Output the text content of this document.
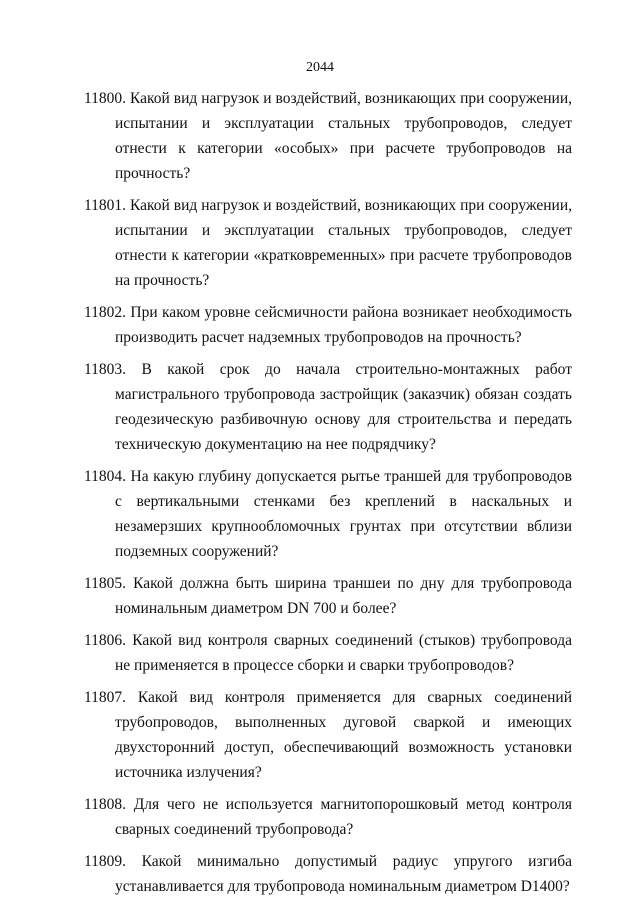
2044

11800. Какой вид нагрузок и воздействий, возникающих при сооружении, испытании и эксплуатации стальных трубопроводов, следует отнести к категории «особых» при расчете трубопроводов на прочность?

11801. Какой вид нагрузок и воздействий, возникающих при сооружении, испытании и эксплуатации стальных трубопроводов, следует отнести к категории «кратковременных» при расчете трубопроводов на прочность?

11802. При каком уровне сейсмичности района возникает необходимость производить расчет надземных трубопроводов на прочность?

11803. В какой срок до начала строительно-монтажных работ магистрального трубопровода застройщик (заказчик) обязан создать геодезическую разбивочную основу для строительства и передать техническую документацию на нее подрядчику?

11804. На какую глубину допускается рытье траншей для трубопроводов с вертикальными стенками без креплений в наскальных и незамерзших крупнообломочных грунтах при отсутствии вблизи подземных сооружений?

11805. Какой должна быть ширина траншеи по дну для трубопровода номинальным диаметром DN 700 и более?

11806. Какой вид контроля сварных соединений (стыков) трубопровода не применяется в процессе сборки и сварки трубопроводов?

11807. Какой вид контроля применяется для сварных соединений трубопроводов, выполненных дуговой сваркой и имеющих двухсторонний доступ, обеспечивающий возможность установки источника излучения?

11808. Для чего не используется магнитопорошковый метод контроля сварных соединений трубопровода?

11809. Какой минимально допустимый радиус упругого изгиба устанавливается для трубопровода номинальным диаметром D1400?
